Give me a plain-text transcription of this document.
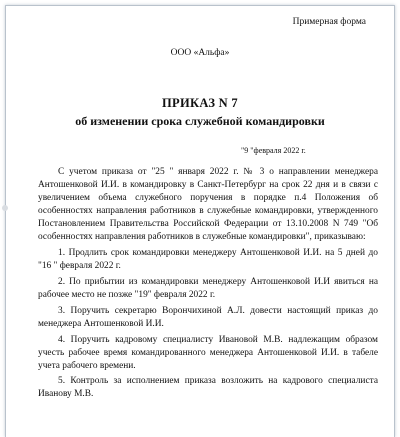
Примерная форма
ООО «Альфа»
ПРИКАЗ N 7
об изменении срока служебной командировки
"9 "февраля 2022 г.

С учетом приказа от "25 " января 2022 г. № 3 о направлении менеджера Антошенковой И.И. в командировку в Санкт-Петербург на срок 22 дня и в связи с увеличением объема служебного поручения в порядке п.4 Положения об особенностях направления работников в служебные командировки, утвержденного Постановлением Правительства Российской Федерации от 13.10.2008 N 749 "Об особенностях направления работников в служебные командировки", приказываю:

1. Продлить срок командировки менеджеру Антошенковой И.И. на 5 дней до "16 " февраля 2022 г.

2. По прибытии из командировки менеджеру Антошенковой И.И явиться на рабочее место не позже "19" февраля 2022 г.

3. Поручить секретарю Ворончихиной А.Л. довести настоящий приказ до менеджера Антошенковой И.И.

4. Поручить кадровому специалисту Ивановой М.В. надлежащим образом учесть рабочее время командированного менеджера Антошенковой И.И. в табеле учета рабочего времени.

5. Контроль за исполнением приказа возложить на кадрового специалиста Иванову М.В.
